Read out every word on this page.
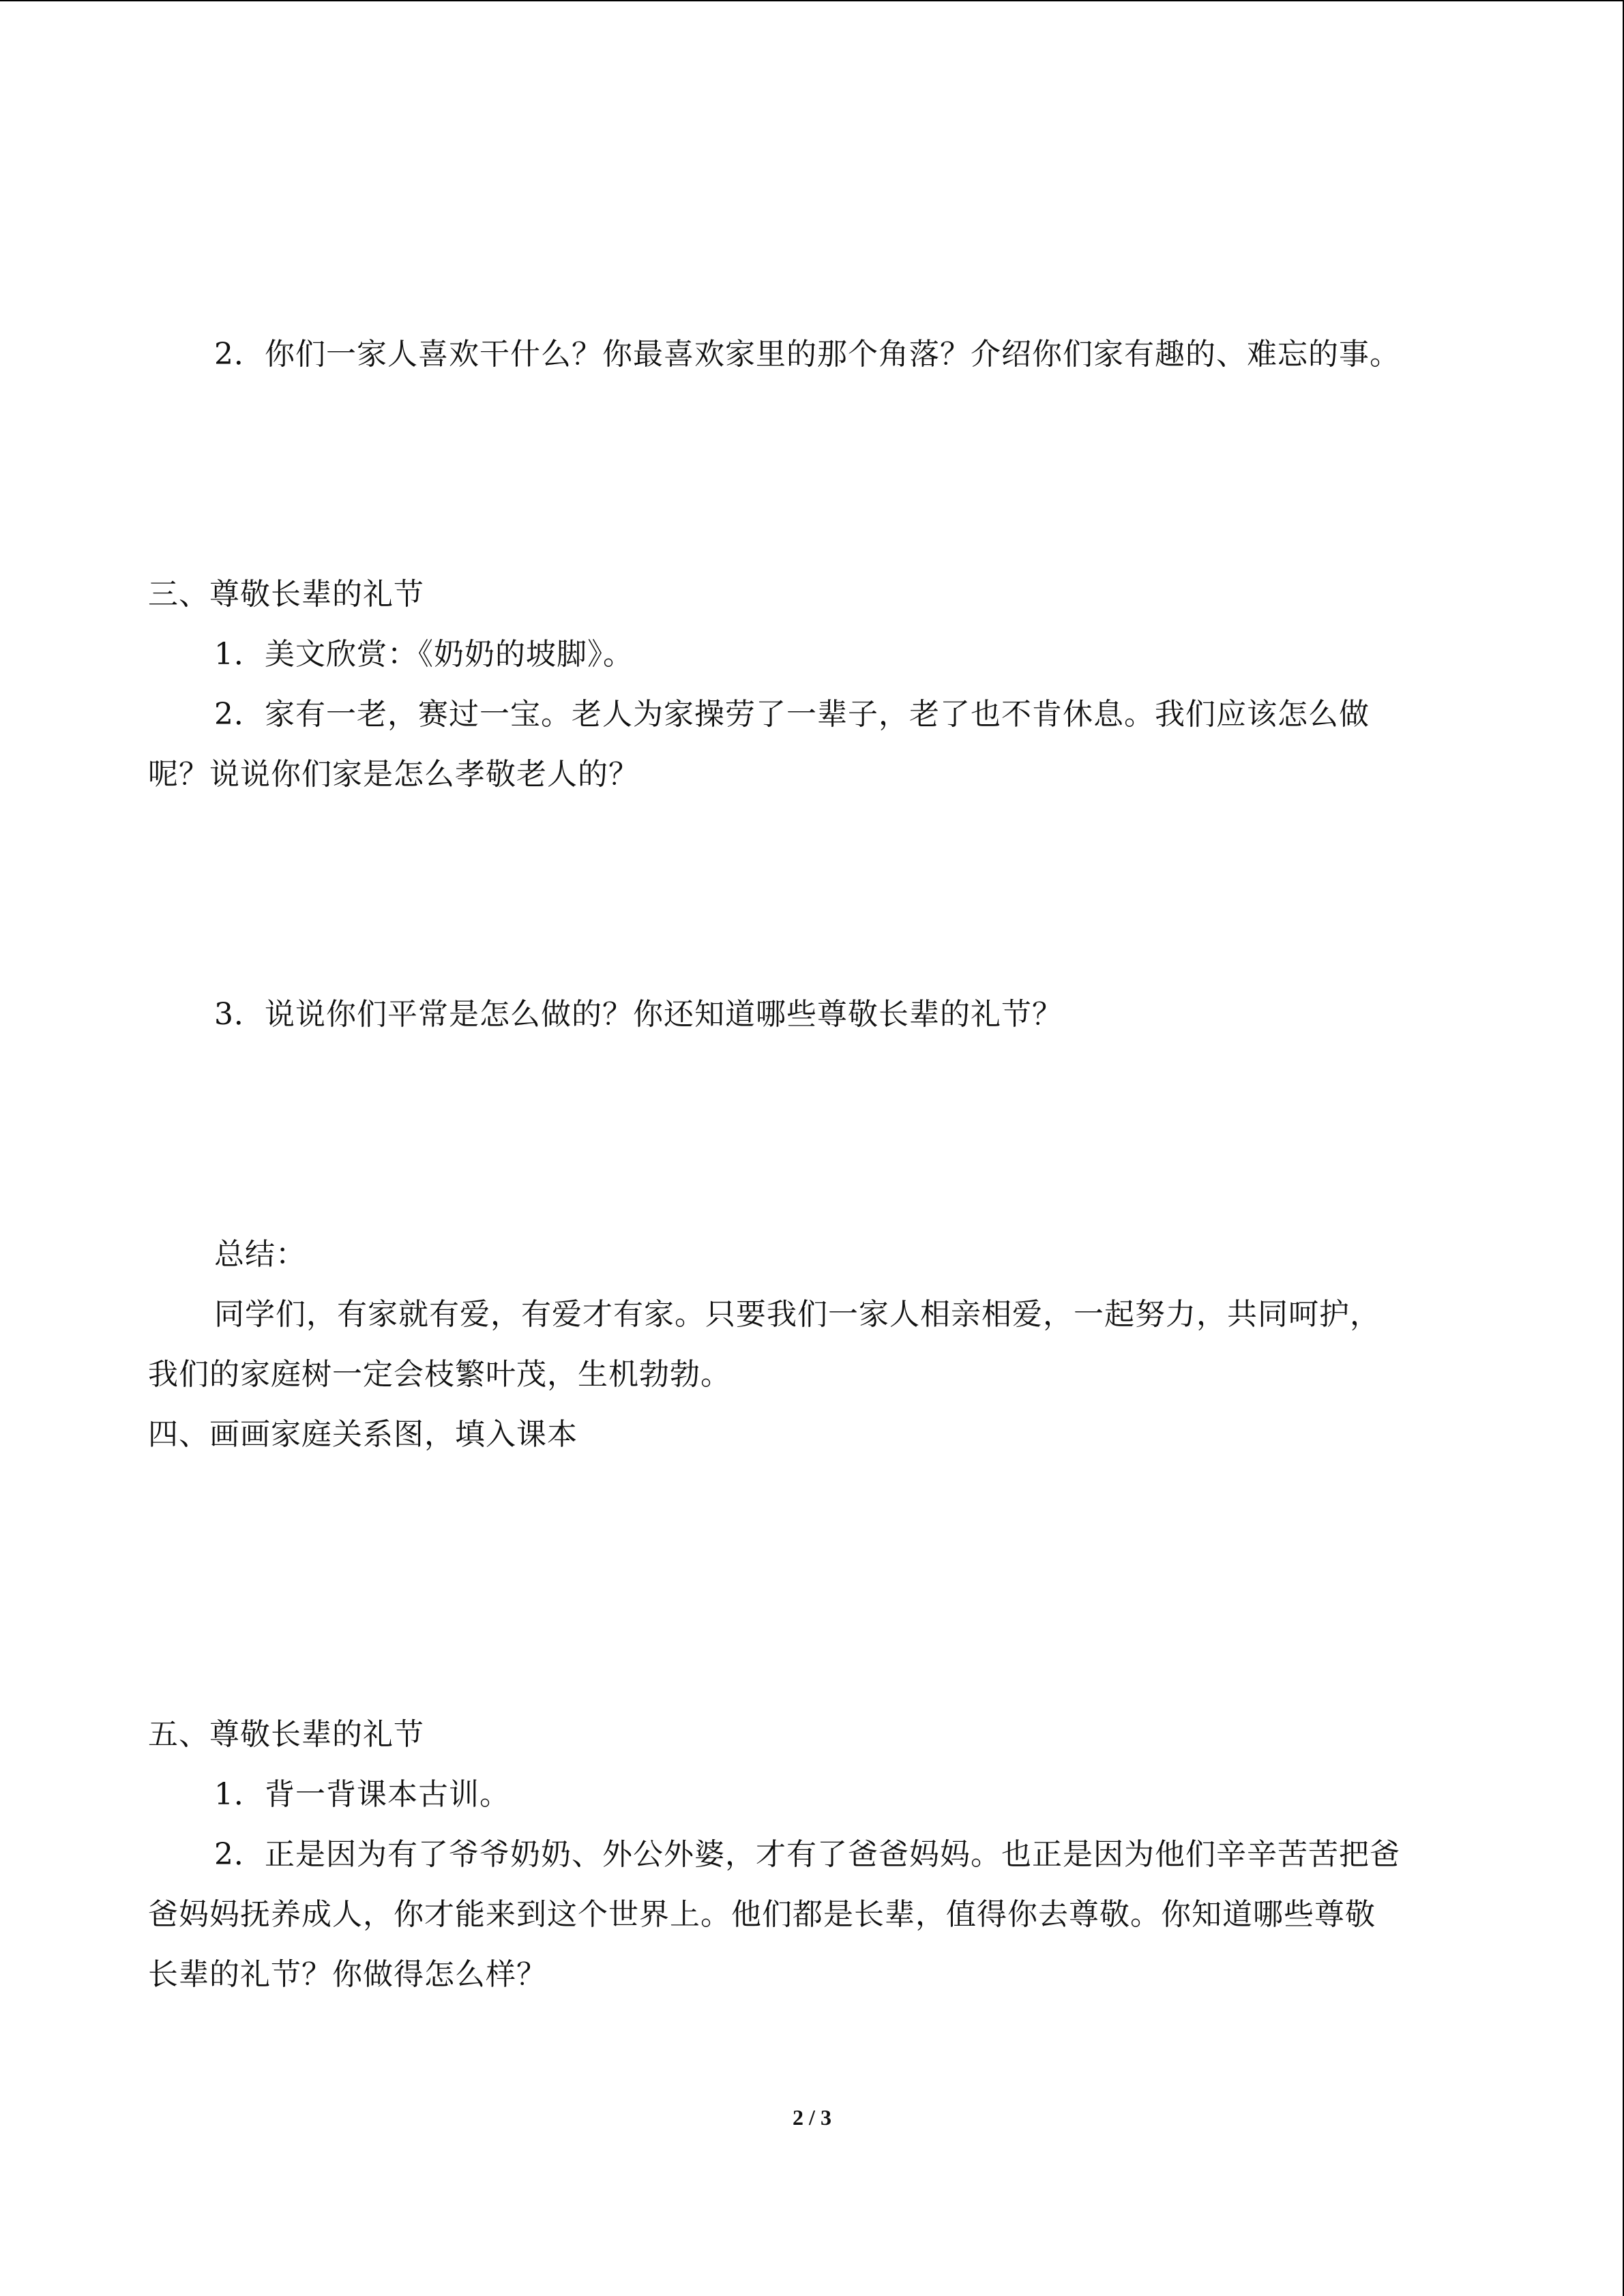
2．你们一家人喜欢干什么？你最喜欢家里的那个角落？介绍你们家有趣的、难忘的事。
三、尊敬长辈的礼节
1．美文欣赏：《奶奶的坡脚》。
2．家有一老，赛过一宝。老人为家操劳了一辈子，老了也不肯休息。我们应该怎么做
呢？说说你们家是怎么孝敬老人的？
3．说说你们平常是怎么做的？你还知道哪些尊敬长辈的礼节？
总结：
同学们，有家就有爱，有爱才有家。只要我们一家人相亲相爱，一起努力，共同呵护，
我们的家庭树一定会枝繁叶茂，生机勃勃。
四、画画家庭关系图，填入课本
五、尊敬长辈的礼节
1．背一背课本古训。
2．正是因为有了爷爷奶奶、外公外婆，才有了爸爸妈妈。也正是因为他们辛辛苦苦把爸
爸妈妈抚养成人，你才能来到这个世界上。他们都是长辈，值得你去尊敬。你知道哪些尊敬
长辈的礼节？你做得怎么样？
2 / 3
